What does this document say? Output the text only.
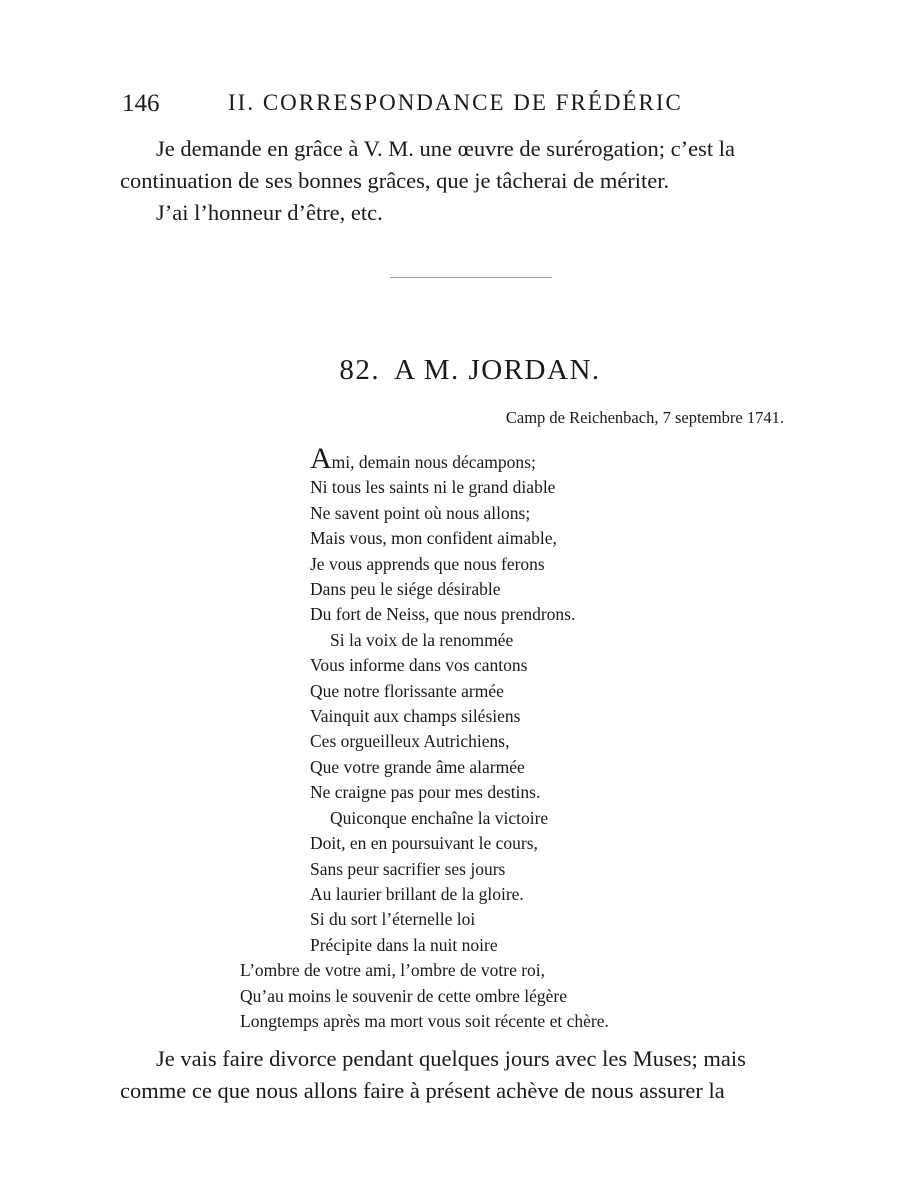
146	II. CORRESPONDANCE DE FRÉDÉRIC
Je demande en grâce à V. M. une œuvre de surérogation; c’est la
continuation de ses bonnes grâces, que je tâcherai de mériter.
J’ai l’honneur d’être, etc.
82. A M. JORDAN.
Camp de Reichenbach, 7 septembre 1741.
Ami, demain nous décampons;
Ni tous les saints ni le grand diable
Ne savent point où nous allons;
Mais vous, mon confident aimable,
Je vous apprends que nous ferons
Dans peu le siége désirable
Du fort de Neiss, que nous prendrons.
Si la voix de la renommée
Vous informe dans vos cantons
Que notre florissante armée
Vainquit aux champs silésiens
Ces orgueilleux Autrichiens,
Que votre grande âme alarmée
Ne craigne pas pour mes destins.
Quiconque enchaîne la victoire
Doit, en en poursuivant le cours,
Sans peur sacrifier ses jours
Au laurier brillant de la gloire.
Si du sort l’éternelle loi
Précipite dans la nuit noire
L’ombre de votre ami, l’ombre de votre roi,
Qu’au moins le souvenir de cette ombre légère
Longtemps après ma mort vous soit récente et chère.
Je vais faire divorce pendant quelques jours avec les Muses; mais
comme ce que nous allons faire à présent achève de nous assurer la
